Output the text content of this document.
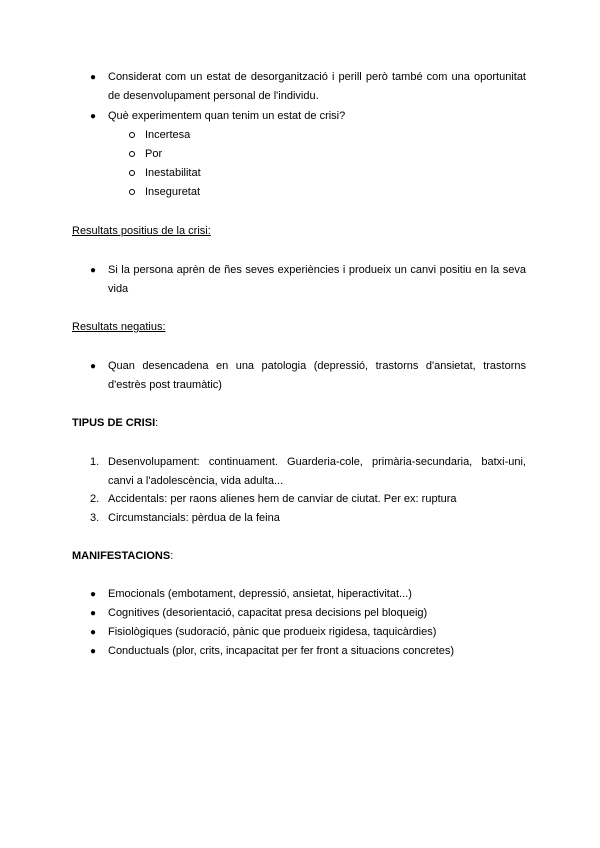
● Considerat com un estat de desorganització i perill però també com una oportunitat de desenvolupament personal de l'individu.

● Què experimentem quan tenim un estat de crisi?

Incertesa

Por

Inestabilitat

Inseguretat

Resultats positius de la crisi:

● Si la persona aprèn de ñes seves experiències i produeix un canvi positiu en la seva vida

Resultats negatius:

● Quan desencadena en una patologia (depressió, trastorns d'ansietat, trastorns d'estrès post traumàtic)

TIPUS DE CRISI:

1. Desenvolupament: continuament. Guarderia-cole, primària-secundaria, batxi-uni, canvi a l'adolescència, vida adulta...

2. Accidentals: per raons alienes hem de canviar de ciutat. Per ex: ruptura

3. Circumstancials: pèrdua de la feina

MANIFESTACIONS:

● Emocionals (embotament, depressió, ansietat, hiperactivitat...)

● Cognitives (desorientació, capacitat presa decisions pel bloqueig)

● Fisiològiques (sudoració, pànic que produeix rigidesa, taquicàrdies)

● Conductuals (plor, crits, incapacitat per fer front a situacions concretes)
